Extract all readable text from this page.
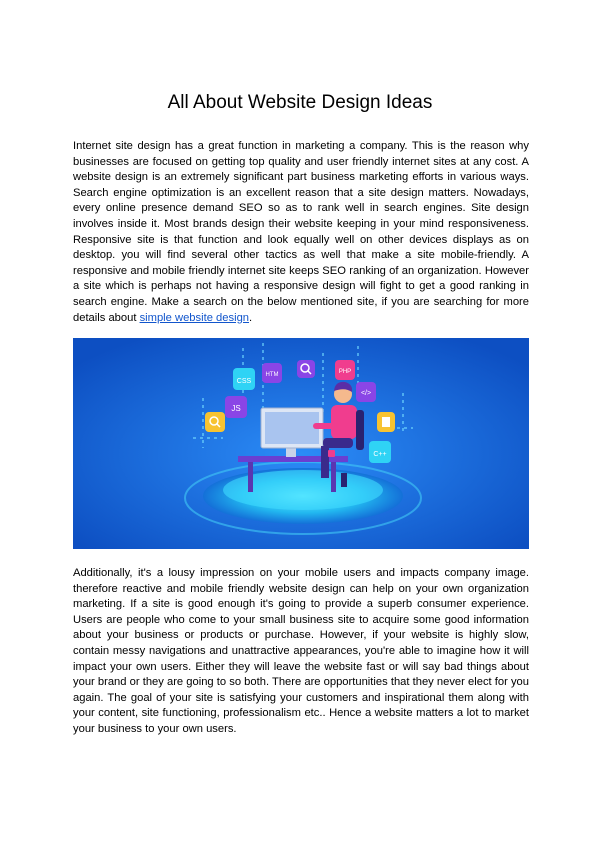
All About Website Design Ideas

Internet site design has a great function in marketing a company. This is the reason why businesses are focused on getting top quality and user friendly internet sites at any cost. A website design is an extremely significant part business marketing efforts in various ways. Search engine optimization is an excellent reason that a site design matters. Nowadays, every online presence demand SEO so as to rank well in search engines. Site design involves inside it. Most brands design their website keeping in your mind responsiveness. Responsive site is that function and look equally well on other devices displays as on desktop. you will find several other tactics as well that make a site mobile-friendly. A responsive and mobile friendly internet site keeps SEO ranking of an organization. However a site which is perhaps not having a responsive design will fight to get a good ranking in search engine. Make a search on the below mentioned site, if you are searching for more details about simple website design.

CSS
HTM	PHP
JS
</>
C++

Additionally, it's a lousy impression on your mobile users and impacts company image. therefore reactive and mobile friendly website design can help on your own organization marketing. If a site is good enough it's going to provide a superb consumer experience. Users are people who come to your small business site to acquire some good information about your business or products or purchase. However, if your website is highly slow, contain messy navigations and unattractive appearances, you're able to imagine how it will impact your own users. Either they will leave the website fast or will say bad things about your brand or they are going to so both. There are opportunities that they never elect for you again. The goal of your site is satisfying your customers and inspirational them along with your content, site functioning, professionalism etc.. Hence a website matters a lot to market your business to your own users.
